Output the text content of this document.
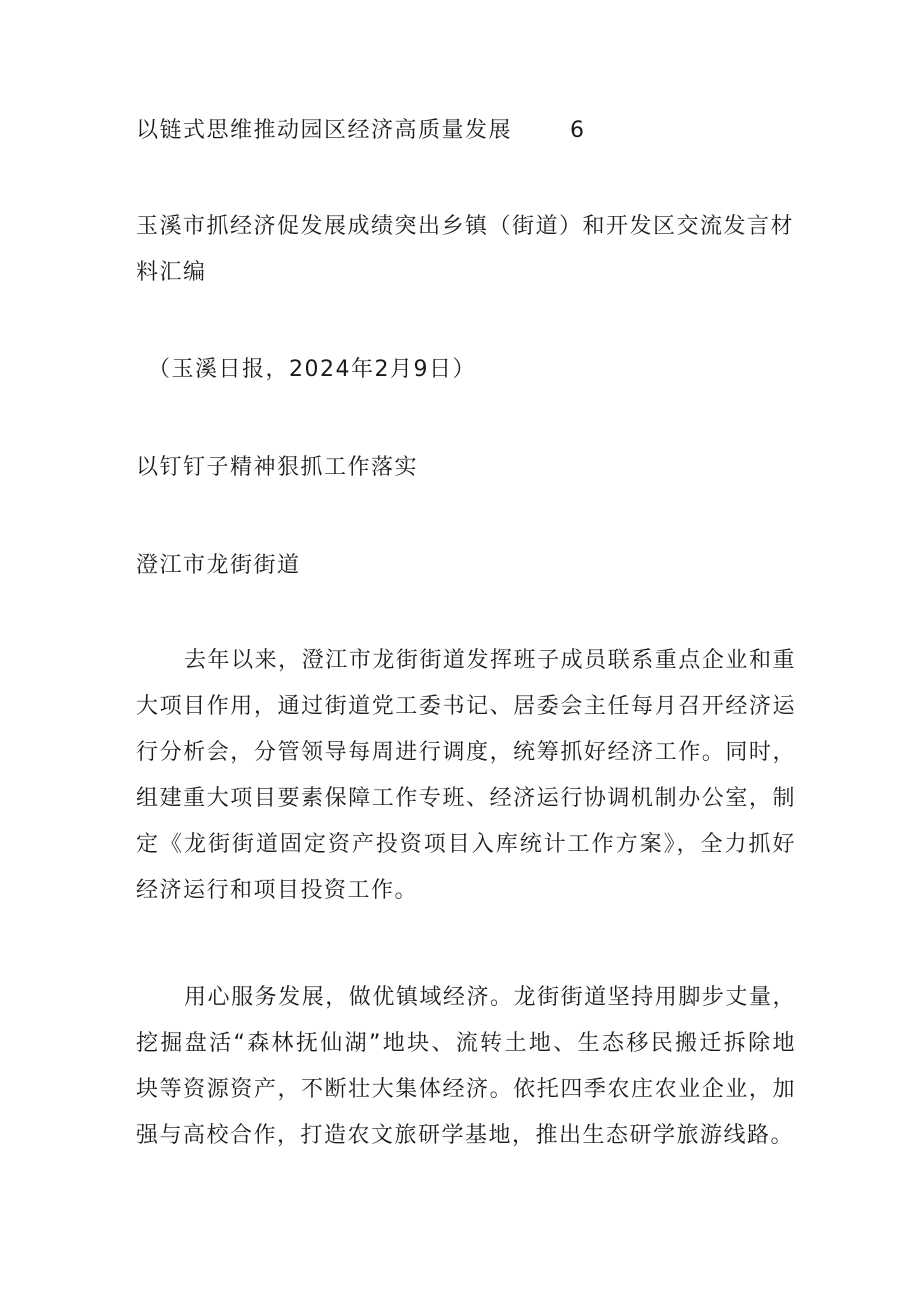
以链式思维推动园区经济高质量发展	6
玉溪市抓经济促发展成绩突出乡镇（街道）和开发区交流发言材料汇编
（玉溪日报，2024年2月9日）
以钉钉子精神狠抓工作落实
澄江市龙街街道

去年以来，澄江市龙街街道发挥班子成员联系重点企业和重大项目作用，通过街道党工委书记、居委会主任每月召开经济运行分析会，分管领导每周进行调度，统筹抓好经济工作。同时，组建重大项目要素保障工作专班、经济运行协调机制办公室，制定《龙街街道固定资产投资项目入库统计工作方案》，全力抓好经济运行和项目投资工作。

用心服务发展，做优镇域经济。龙街街道坚持用脚步丈量，挖掘盘活“森林抚仙湖”地块、流转土地、生态移民搬迁拆除地块等资源资产，不断壮大集体经济。依托四季农庄农业企业，加强与高校合作，打造农文旅研学基地，推出生态研学旅游线路。
